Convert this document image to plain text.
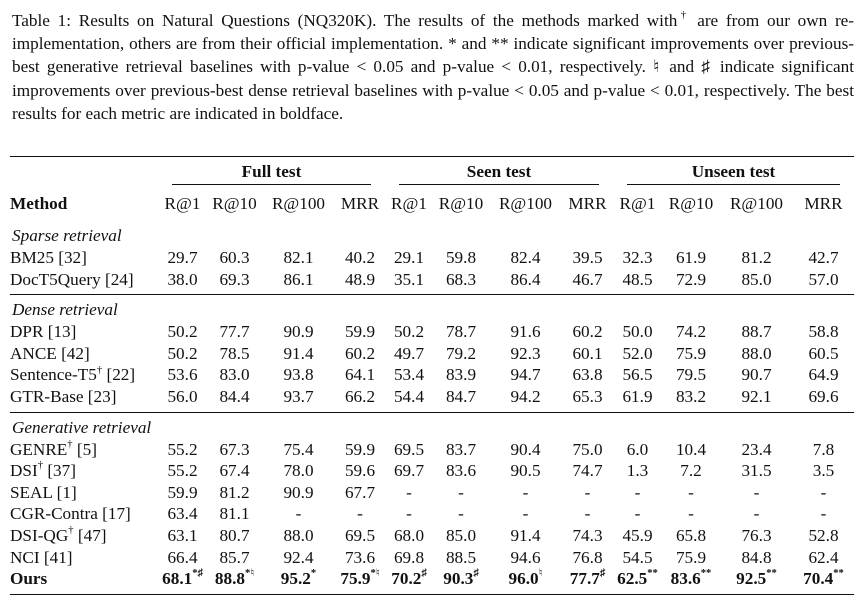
Table 1: Results on Natural Questions (NQ320K). The results of the methods marked with† are from our own re-implementation, others are from their official implementation. * and ** indicate significant improvements over previous-best generative retrieval baselines with p-value < 0.05 and p-value < 0.01, respectively. ♮ and ♯ indicate significant improvements over previous-best dense retrieval baselines with p-value < 0.05 and p-value < 0.01, respectively. The best results for each metric are indicated in boldface.

	Full test				Seen test				Unseen test			
Method	R@1	R@10	R@100	MRR	R@1	R@10	R@100	MRR	R@1	R@10	R@100	MRR
Sparse retrieval												
BM25 [32]	29.7	60.3	82.1	40.2	29.1	59.8	82.4	39.5	32.3	61.9	81.2	42.7
DocT5Query [24]	38.0	69.3	86.1	48.9	35.1	68.3	86.4	46.7	48.5	72.9	85.0	57.0
Dense retrieval												
DPR [13]	50.2	77.7	90.9	59.9	50.2	78.7	91.6	60.2	50.0	74.2	88.7	58.8
ANCE [42]	50.2	78.5	91.4	60.2	49.7	79.2	92.3	60.1	52.0	75.9	88.0	60.5
Sentence-T5† [22]	53.6	83.0	93.8	64.1	53.4	83.9	94.7	63.8	56.5	79.5	90.7	64.9
GTR-Base [23]	56.0	84.4	93.7	66.2	54.4	84.7	94.2	65.3	61.9	83.2	92.1	69.6
Generative retrieval												
GENRE† [5]	55.2	67.3	75.4	59.9	69.5	83.7	90.4	75.0	6.0	10.4	23.4	7.8
DSI† [37]	55.2	67.4	78.0	59.6	69.7	83.6	90.5	74.7	1.3	7.2	31.5	3.5
SEAL [1]	59.9	81.2	90.9	67.7	-	-	-	-	-	-	-	-
CGR-Contra [17]	63.4	81.1	-	-	-	-	-	-	-	-	-	-
DSI-QG† [47]	63.1	80.7	88.0	69.5	68.0	85.0	91.4	74.3	45.9	65.8	76.3	52.8
NCI [41]	66.4	85.7	92.4	73.6	69.8	88.5	94.6	76.8	54.5	75.9	84.8	62.4
Ours	68.1*♯	88.8*♮	95.2*	75.9*♮	70.2♯	90.3♯	96.0♮	77.7♯	62.5**	83.6**	92.5**	70.4**
